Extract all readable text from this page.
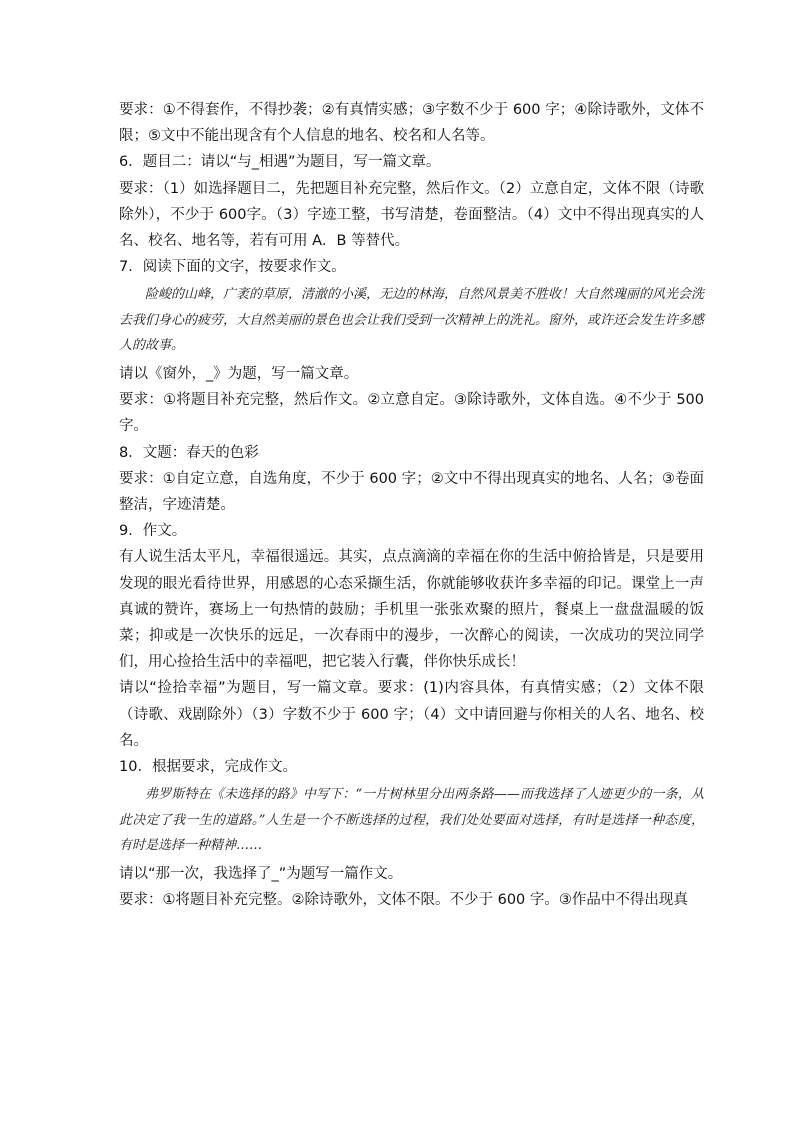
要求：①不得套作，不得抄袭；②有真情实感；③字数不少于 600 字；④除诗歌外，文体不限；⑤文中不能出现含有个人信息的地名、校名和人名等。

6．题目二：请以“与_相遇”为题目，写一篇文章。

要求：（1）如选择题目二，先把题目补充完整，然后作文。（2）立意自定，文体不限（诗歌除外），不少于 600字。（3）字迹工整，书写清楚，卷面整洁。（4）文中不得出现真实的人名、校名、地名等，若有可用 A．B 等替代。

7．阅读下面的文字，按要求作文。

险峻的山峰，广袤的草原，清澈的小溪，无边的林海，自然风景美不胜收！大自然瑰丽的风光会洗去我们身心的疲劳，大自然美丽的景色也会让我们受到一次精神上的洗礼。窗外，或许还会发生许多感人的故事。

请以《窗外，_》为题，写一篇文章。

要求：①将题目补充完整，然后作文。②立意自定。③除诗歌外，文体自选。④不少于 500 字。

8．文题：春天的色彩

要求：①自定立意，自选角度，不少于 600 字；②文中不得出现真实的地名、人名；③卷面整洁，字迹清楚。

9．作文。

有人说生活太平凡，幸福很遥远。其实，点点滴滴的幸福在你的生活中俯拾皆是，只是要用发现的眼光看待世界，用感恩的心态采撷生活，你就能够收获许多幸福的印记。课堂上一声真诚的赞许，赛场上一句热情的鼓励；手机里一张张欢聚的照片，餐桌上一盘盘温暖的饭菜；抑或是一次快乐的远足，一次春雨中的漫步，一次醉心的阅读，一次成功的哭泣同学们，用心捡拾生活中的幸福吧，把它装入行囊，伴你快乐成长！

请以“捡拾幸福”为题目，写一篇文章。要求：(1)内容具体，有真情实感；（2）文体不限（诗歌、戏剧除外）（3）字数不少于 600 字；（4）文中请回避与你相关的人名、地名、校名。

10．根据要求，完成作文。

弗罗斯特在《未选择的路》中写下：“一片树林里分出两条路——而我选择了人迹更少的一条，从此决定了我一生的道路。”人生是一个不断选择的过程，我们处处要面对选择，有时是选择一种态度，有时是选择一种精神……

请以“那一次，我选择了_”为题写一篇作文。

要求：①将题目补充完整。②除诗歌外，文体不限。不少于 600 字。③作品中不得出现真
